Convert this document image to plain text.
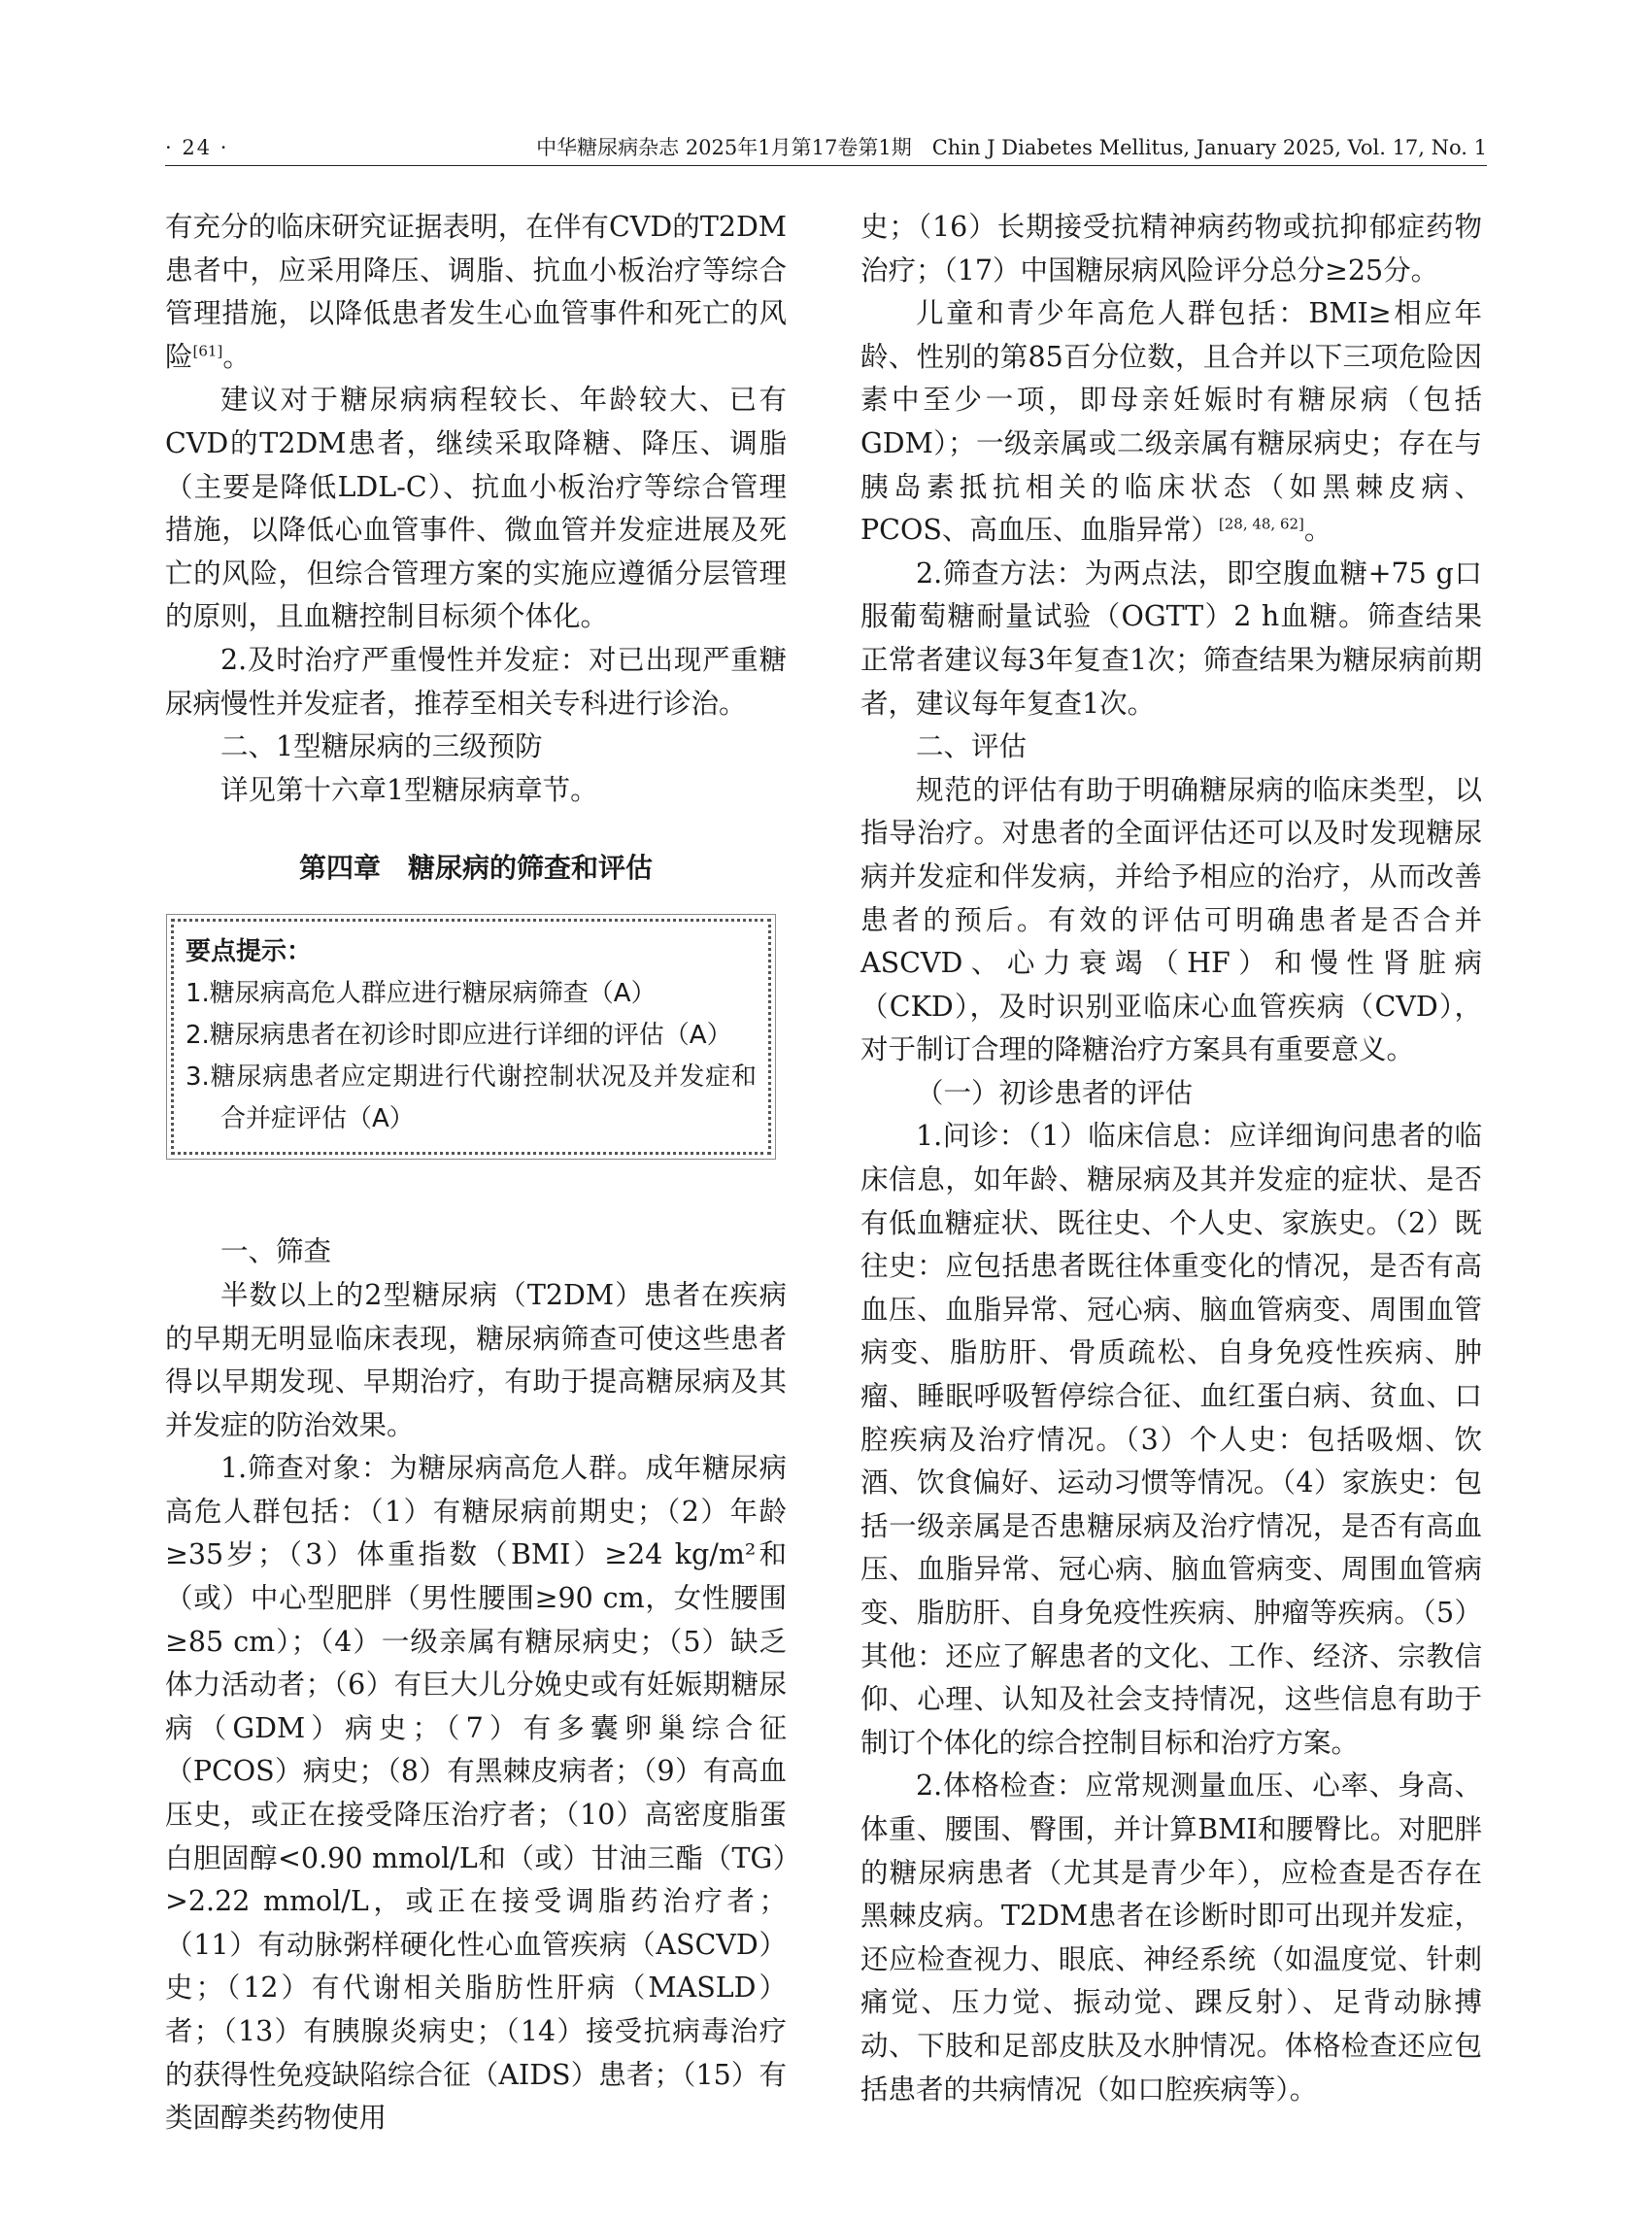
· 24 ·	中华糖尿病杂志 2025年1月第17卷第1期　Chin J Diabetes Mellitus, January 2025, Vol. 17, No. 1

有充分的临床研究证据表明，在伴有CVD的T2DM患者中，应采用降压、调脂、抗血小板治疗等综合管理措施，以降低患者发生心血管事件和死亡的风险[61]。

建议对于糖尿病病程较长、年龄较大、已有CVD的T2DM患者，继续采取降糖、降压、调脂（主要是降低LDL-C）、抗血小板治疗等综合管理措施，以降低心血管事件、微血管并发症进展及死亡的风险，但综合管理方案的实施应遵循分层管理的原则，且血糖控制目标须个体化。

2.及时治疗严重慢性并发症：对已出现严重糖尿病慢性并发症者，推荐至相关专科进行诊治。

二、1型糖尿病的三级预防

详见第十六章1型糖尿病章节。

第四章　糖尿病的筛查和评估
要点提示：
1.糖尿病高危人群应进行糖尿病筛查（A）
2.糖尿病患者在初诊时即应进行详细的评估（A）
3.糖尿病患者应定期进行代谢控制状况及并发症和合并症评估（A）

一、筛查

半数以上的2型糖尿病（T2DM）患者在疾病的早期无明显临床表现，糖尿病筛查可使这些患者得以早期发现、早期治疗，有助于提高糖尿病及其并发症的防治效果。

1.筛查对象：为糖尿病高危人群。成年糖尿病高危人群包括：（1）有糖尿病前期史；（2）年龄≥35岁；（3）体重指数（BMI）≥24 kg/m²和（或）中心型肥胖（男性腰围≥90 cm，女性腰围≥85 cm）；（4）一级亲属有糖尿病史；（5）缺乏体力活动者；（6）有巨大儿分娩史或有妊娠期糖尿病（GDM）病史；（7）有多囊卵巢综合征（PCOS）病史；（8）有黑棘皮病者；（9）有高血压史，或正在接受降压治疗者；（10）高密度脂蛋白胆固醇<0.90 mmol/L和（或）甘油三酯（TG）>2.22 mmol/L，或正在接受调脂药治疗者；（11）有动脉粥样硬化性心血管疾病（ASCVD）史；（12）有代谢相关脂肪性肝病（MASLD）者；（13）有胰腺炎病史；（14）接受抗病毒治疗的获得性免疫缺陷综合征（AIDS）患者；（15）有类固醇类药物使用

史；（16）长期接受抗精神病药物或抗抑郁症药物治疗；（17）中国糖尿病风险评分总分≥25分。

儿童和青少年高危人群包括：BMI≥相应年龄、性别的第85百分位数，且合并以下三项危险因素中至少一项，即母亲妊娠时有糖尿病（包括GDM）；一级亲属或二级亲属有糖尿病史；存在与胰岛素抵抗相关的临床状态（如黑棘皮病、PCOS、高血压、血脂异常）[28, 48, 62]。

2.筛查方法：为两点法，即空腹血糖+75 g口服葡萄糖耐量试验（OGTT）2 h血糖。筛查结果正常者建议每3年复查1次；筛查结果为糖尿病前期者，建议每年复查1次。

二、评估

规范的评估有助于明确糖尿病的临床类型，以指导治疗。对患者的全面评估还可以及时发现糖尿病并发症和伴发病，并给予相应的治疗，从而改善患者的预后。有效的评估可明确患者是否合并ASCVD、心力衰竭（HF）和慢性肾脏病（CKD），及时识别亚临床心血管疾病（CVD），对于制订合理的降糖治疗方案具有重要意义。

（一）初诊患者的评估

1.问诊：（1）临床信息：应详细询问患者的临床信息，如年龄、糖尿病及其并发症的症状、是否有低血糖症状、既往史、个人史、家族史。（2）既往史：应包括患者既往体重变化的情况，是否有高血压、血脂异常、冠心病、脑血管病变、周围血管病变、脂肪肝、骨质疏松、自身免疫性疾病、肿瘤、睡眠呼吸暂停综合征、血红蛋白病、贫血、口腔疾病及治疗情况。（3）个人史：包括吸烟、饮酒、饮食偏好、运动习惯等情况。（4）家族史：包括一级亲属是否患糖尿病及治疗情况，是否有高血压、血脂异常、冠心病、脑血管病变、周围血管病变、脂肪肝、自身免疫性疾病、肿瘤等疾病。（5）其他：还应了解患者的文化、工作、经济、宗教信仰、心理、认知及社会支持情况，这些信息有助于制订个体化的综合控制目标和治疗方案。

2.体格检查：应常规测量血压、心率、身高、体重、腰围、臀围，并计算BMI和腰臀比。对肥胖的糖尿病患者（尤其是青少年），应检查是否存在黑棘皮病。T2DM患者在诊断时即可出现并发症，还应检查视力、眼底、神经系统（如温度觉、针刺痛觉、压力觉、振动觉、踝反射）、足背动脉搏动、下肢和足部皮肤及水肿情况。体格检查还应包括患者的共病情况（如口腔疾病等）。
